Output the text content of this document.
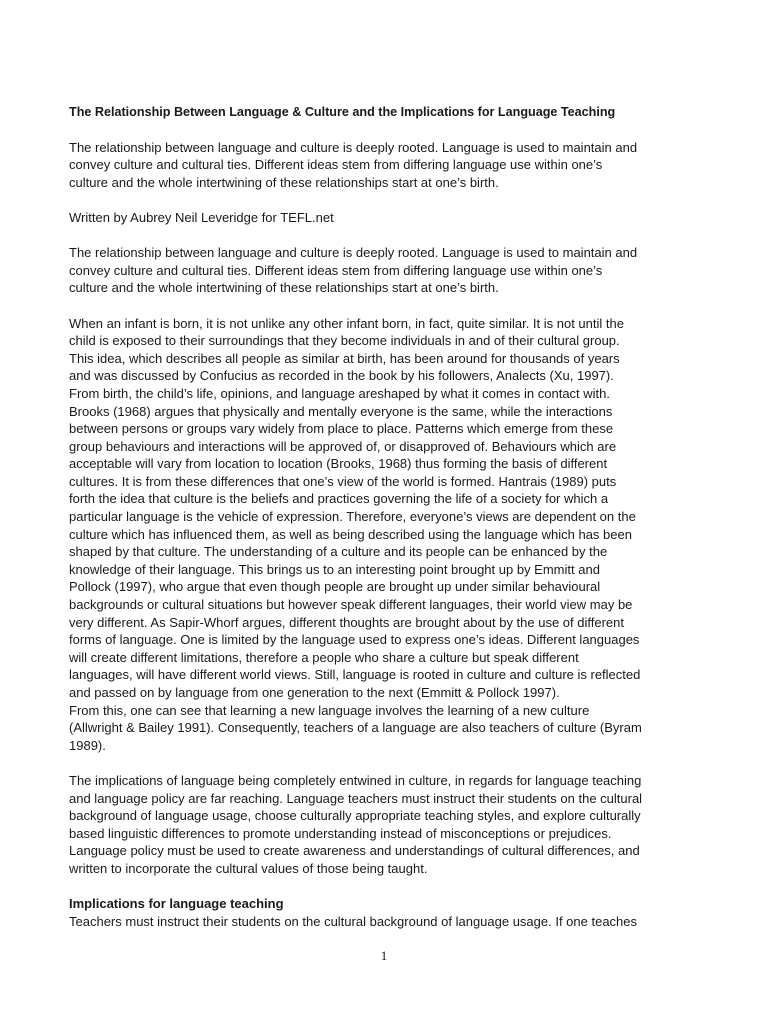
The Relationship Between Language & Culture and the Implications for Language Teaching
The relationship between language and culture is deeply rooted. Language is used to maintain and
convey culture and cultural ties. Different ideas stem from differing language use within one’s
culture and the whole intertwining of these relationships start at one’s birth.
Written by Aubrey Neil Leveridge for TEFL.net
The relationship between language and culture is deeply rooted. Language is used to maintain and
convey culture and cultural ties. Different ideas stem from differing language use within one’s
culture and the whole intertwining of these relationships start at one’s birth.
When an infant is born, it is not unlike any other infant born, in fact, quite similar. It is not until the
child is exposed to their surroundings that they become individuals in and of their cultural group.
This idea, which describes all people as similar at birth, has been around for thousands of years
and was discussed by Confucius as recorded in the book by his followers, Analects (Xu, 1997).
From birth, the child’s life, opinions, and language areshaped by what it comes in contact with.
Brooks (1968) argues that physically and mentally everyone is the same, while the interactions
between persons or groups vary widely from place to place. Patterns which emerge from these
group behaviours and interactions will be approved of, or disapproved of. Behaviours which are
acceptable will vary from location to location (Brooks, 1968) thus forming the basis of different
cultures. It is from these differences that one’s view of the world is formed. Hantrais (1989) puts
forth the idea that culture is the beliefs and practices governing the life of a society for which a
particular language is the vehicle of expression. Therefore, everyone’s views are dependent on the
culture which has influenced them, as well as being described using the language which has been
shaped by that culture. The understanding of a culture and its people can be enhanced by the
knowledge of their language. This brings us to an interesting point brought up by Emmitt and
Pollock (1997), who argue that even though people are brought up under similar behavioural
backgrounds or cultural situations but however speak different languages, their world view may be
very different. As Sapir-Whorf argues, different thoughts are brought about by the use of different
forms of language. One is limited by the language used to express one’s ideas. Different languages
will create different limitations, therefore a people who share a culture but speak different
languages, will have different world views. Still, language is rooted in culture and culture is reflected
and passed on by language from one generation to the next (Emmitt & Pollock 1997).
From this, one can see that learning a new language involves the learning of a new culture
(Allwright & Bailey 1991). Consequently, teachers of a language are also teachers of culture (Byram
1989).
The implications of language being completely entwined in culture, in regards for language teaching
and language policy are far reaching. Language teachers must instruct their students on the cultural
background of language usage, choose culturally appropriate teaching styles, and explore culturally
based linguistic differences to promote understanding instead of misconceptions or prejudices.
Language policy must be used to create awareness and understandings of cultural differences, and
written to incorporate the cultural values of those being taught.
Implications for language teaching
Teachers must instruct their students on the cultural background of language usage. If one teaches
1
